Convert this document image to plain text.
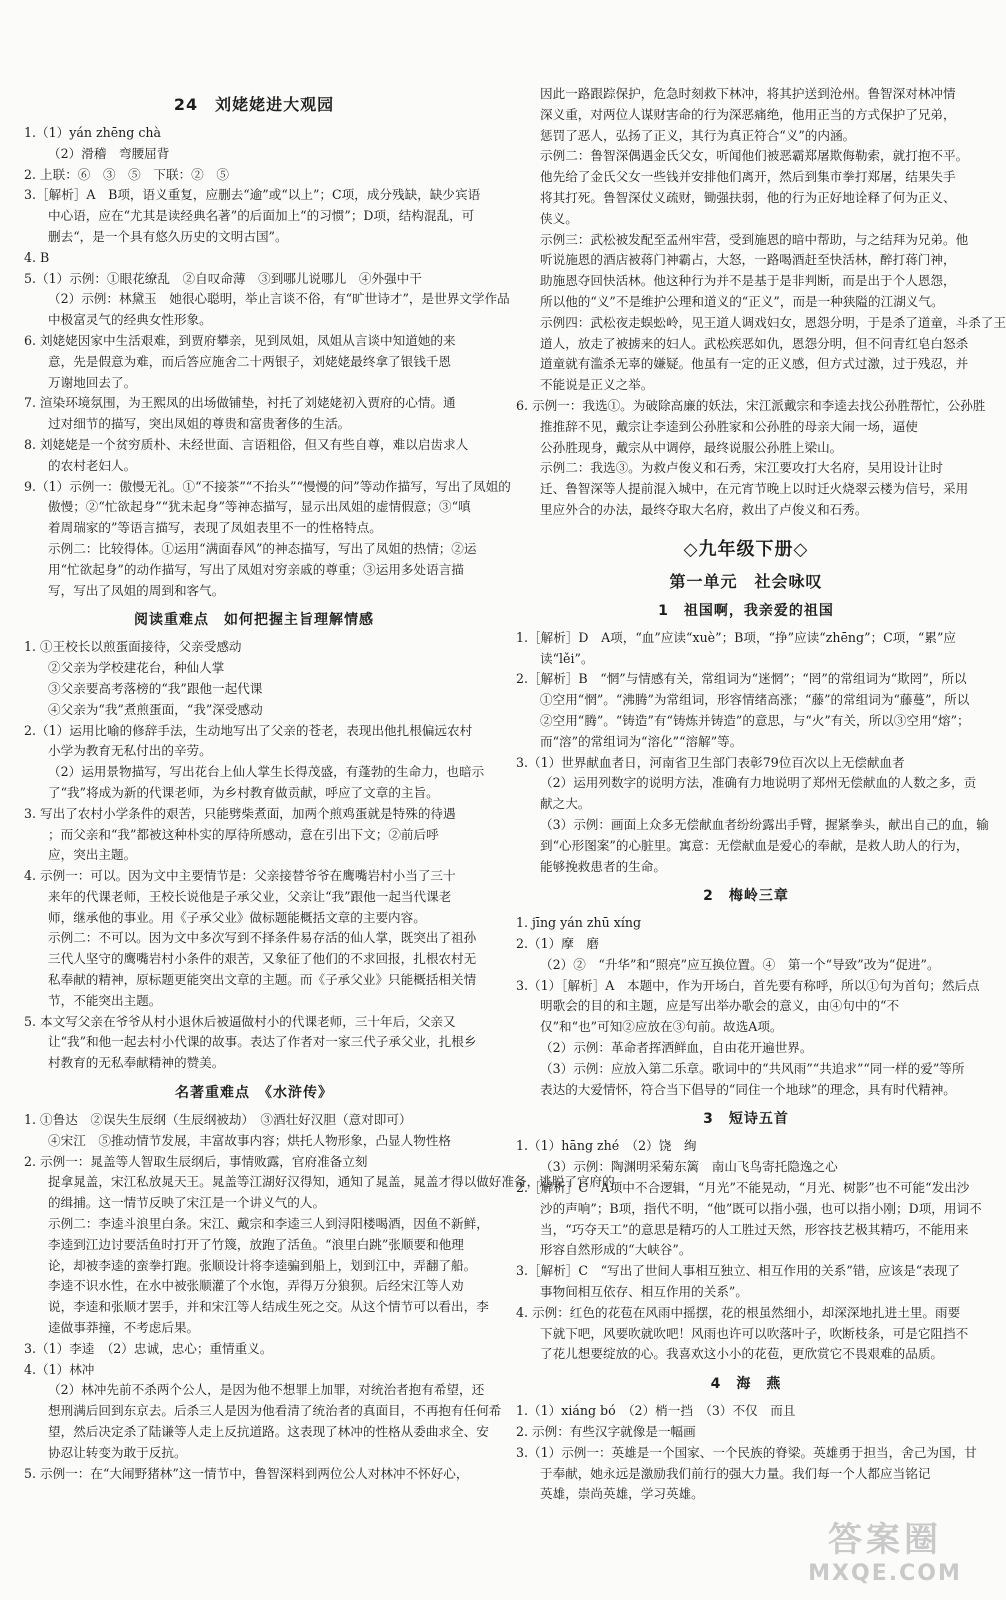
24　刘姥姥进大观园
1.（1）yán zhēng chà
（2）滑稽　弯腰屈背
2. 上联：⑥　③　⑤　下联：②　⑤
3.［解析］A　B项，语义重复，应删去“逾”或“以上”；C项，成分残缺，缺少宾语
中心语，应在“尤其是读经典名著”的后面加上“的习惯”；D项，结构混乱，可
删去“，是一个具有悠久历史的文明古国”。
4. B
5.（1）示例：①眼花缭乱　②自叹命薄　③到哪儿说哪儿　④外强中干
（2）示例：林黛玉　她很心聪明，举止言谈不俗，有“旷世诗才”，是世界文学作品
中极富灵气的经典女性形象。
6. 刘姥姥因家中生活艰难，到贾府攀亲，见到凤姐，凤姐从言谈中知道她的来
意，先是假意为难，而后答应施舍二十两银子，刘姥姥最终拿了银钱千恩
万谢地回去了。
7. 渲染环境氛围，为王熙凤的出场做铺垫，衬托了刘姥姥初入贾府的心情。通
过对细节的描写，突出凤姐的尊贵和富贵奢侈的生活。
8. 刘姥姥是一个贫穷质朴、未经世面、言语粗俗，但又有些自尊，难以启齿求人
的农村老妇人。
9.（1）示例一：傲慢无礼。①“不接茶”“不抬头”“慢慢的问”等动作描写，写出了凤姐的
傲慢；②“忙欲起身”“犹未起身”等神态描写，显示出凤姐的虚情假意；③“嗔
着周瑞家的”等语言描写，表现了凤姐表里不一的性格特点。
示例二：比较得体。①运用“满面春风”的神态描写，写出了凤姐的热情；②运
用“忙欲起身”的动作描写，写出了凤姐对穷亲戚的尊重；③运用多处语言描
写，写出了凤姐的周到和客气。
阅读重难点　如何把握主旨理解情感
1. ①王校长以煎蛋面接待，父亲受感动
②父亲为学校建花台，种仙人掌
③父亲要高考落榜的“我”跟他一起代课
④父亲为“我”煮煎蛋面，“我”深受感动
2.（1）运用比喻的修辞手法，生动地写出了父亲的苍老，表现出他扎根偏远农村
小学为教育无私付出的辛劳。
（2）运用景物描写，写出花台上仙人掌生长得茂盛，有蓬勃的生命力，也暗示
了“我”将成为新的代课老师，为乡村教育做贡献，呼应了文章的主旨。
3. 写出了农村小学条件的艰苦，只能劈柴煮面，加两个煎鸡蛋就是特殊的待遇
；而父亲和“我”都被这种朴实的厚待所感动，意在引出下文；②前后呼
应，突出主题。
4. 示例一：可以。因为文中主要情节是：父亲接替爷爷在鹰嘴岩村小当了三十
来年的代课老师，王校长说他是子承父业，父亲让“我”跟他一起当代课老
师，继承他的事业。用《子承父业》做标题能概括文章的主要内容。
示例二：不可以。因为文中多次写到不择条件易存活的仙人掌，既突出了祖孙
三代人坚守的鹰嘴岩村小条件的艰苦，又象征了他们的不求回报，扎根农村无
私奉献的精神，原标题更能突出文章的主题。而《子承父业》只能概括相关情
节，不能突出主题。
5. 本文写父亲在爷爷从村小退休后被逼做村小的代课老师，三十年后，父亲又
让“我”和他一起去村小代课的故事。表达了作者对一家三代子承父业，扎根乡
村教育的无私奉献精神的赞美。
名著重难点　《水浒传》
1. ①鲁达　②误失生辰纲（生辰纲被劫）　③酒壮好汉胆（意对即可）
④宋江　⑤推动情节发展，丰富故事内容；烘托人物形象，凸显人物性格
2. 示例一：晁盖等人智取生辰纲后，事情败露，官府准备立刻
捉拿晁盖，宋江私放晁天王。晁盖等江湖好汉得知，通知了晁盖，晁盖才得以做好准备，逃脱了官府的
的缉捕。这一情节反映了宋江是一个讲义气的人。
示例二：李逵斗浪里白条。宋江、戴宗和李逵三人到浔阳楼喝酒，因鱼不新鲜，
李逵到江边讨要活鱼时打开了竹篾，放跑了活鱼。“浪里白跳”张顺要和他理
论，却被李逵的蛮拳打跑。张顺设计将李逵骗到船上，划到江中，弄翻了船。
李逵不识水性，在水中被张顺灌了个水饱，弄得万分狼狈。后经宋江等人劝
说，李逵和张顺才罢手，并和宋江等人结成生死之交。从这个情节可以看出，李
逵做事莽撞，不考虑后果。
3.（1）李逵　（2）忠诚，忠心；重情重义。
4.（1）林冲
（2）林冲先前不杀两个公人，是因为他不想罪上加罪，对统治者抱有希望，还
想刑满后回到东京去。后杀三人是因为他看清了统治者的真面目，不再抱有任何希
望，然后决定杀了陆谦等人走上反抗道路。这表现了林冲的性格从委曲求全、安
协忍让转变为敢于反抗。
5. 示例一：在“大闹野猪林”这一情节中，鲁智深料到两位公人对林冲不怀好心，
因此一路跟踪保护，危急时刻救下林冲，将其护送到沧州。鲁智深对林冲情
深义重，对两位人谋财害命的行为深恶痛绝，他用正当的方式保护了兄弟，
惩罚了恶人，弘扬了正义，其行为真正符合“义”的内涵。
示例二：鲁智深偶遇金氏父女，听闻他们被恶霸郑屠欺侮勒索，就打抱不平。
他先给了金氏父女一些钱并安排他们离开，然后到集市拳打郑屠，结果失手
将其打死。鲁智深仗义疏财，锄强扶弱，他的行为正好地诠释了何为正义、
侠义。
示例三：武松被发配至孟州牢营，受到施恩的暗中帮助，与之结拜为兄弟。他
听说施恩的酒店被蒋门神霸占，大怒，一路喝酒赶至快活林，醉打蒋门神，
助施恩夺回快活林。他这种行为并不是基于是非判断，而是出于个人恩怨，
所以他的“义”不是维护公理和道义的“正义”，而是一种狭隘的江湖义气。
示例四：武松夜走蜈蚣岭，见王道人调戏妇女，恩怨分明，于是杀了道童，斗杀了王
道人，放走了被掳来的妇人。武松疾恶如仇，恩怨分明，但不问青红皂白怒杀
道童就有滥杀无辜的嫌疑。他虽有一定的正义感，但方式过激，过于残忍，并
不能说是正义之举。
6. 示例一：我选①。为破除高廉的妖法，宋江派戴宗和李逵去找公孙胜帮忙，公孙胜
推推辞不见，戴宗让李逵到公孙胜家和公孙胜的母亲大闹一场，逼使
公孙胜现身，戴宗从中调停，最终说服公孙胜上梁山。
示例二：我选③。为救卢俊义和石秀，宋江要攻打大名府，吴用设计让时
迁、鲁智深等人提前混入城中，在元宵节晚上以时迁火烧翠云楼为信号，采用
里应外合的办法，最终夺取大名府，救出了卢俊义和石秀。
◇九年级下册◇
第一单元　社会咏叹
1　祖国啊，我亲爱的祖国
1.［解析］D　A项，“血”应读“xuè”；B项，“挣”应读“zhēng”；C项，“累”应
读“lěi”。
2.［解析］B　“惘”与情感有关，常组词为“迷惘”；“罔”的常组词为“欺罔”，所以
①空用“惘”。“沸腾”为常组词，形容情绪高涨；“藤”的常组词为“藤蔓”，所以
②空用“腾”。“铸造”有“铸炼并铸造”的意思，与“火”有关，所以③空用“熔”；
而“溶”的常组词为“溶化”“溶解”等。
3.（1）世界献血者日，河南省卫生部门表彰79位百次以上无偿献血者
（2）运用列数字的说明方法，准确有力地说明了郑州无偿献血的人数之多，贡
献之大。
（3）示例：画面上众多无偿献血者纷纷露出手臂，握紧拳头，献出自己的血，输
到“心形图案”的心脏里。寓意：无偿献血是爱心的奉献，是救人助人的行为，
能够挽救患者的生命。
2　梅岭三章
1. jīng yán zhū xíng
2.（1）摩　磨
（2）②　“升华”和“照亮”应互换位置。④　第一个“导致”改为“促进”。
3.（1）［解析］A　本题中，作为开场白，首先要有称呼，所以①句为首句；然后点
明歌会的目的和主题，应是写出举办歌会的意义，由④句中的“不
仅”和“也”可知②应放在③句前。故选A项。
（2）示例：革命者挥洒鲜血，自由花开遍世界。
（3）示例：应放入第二乐章。歌词中的“共风雨”“共追求”“同一样的爱”等所
表达的大爱情怀，符合当下倡导的“同住一个地球”的理念，具有时代精神。
3　短诗五首
1.（1）hāng zhé　（2）饶　绚
（3）示例：陶渊明采菊东篱　南山飞鸟寄托隐逸之心
2.［解析］C　A项中不合逻辑，“月光”不能晃动，“月光、树影”也不可能“发出沙
沙的声响”；B项，指代不明，“他”既可以指小强，也可以指小刚；D项，用词不
当，“巧夺天工”的意思是精巧的人工胜过天然，形容技艺极其精巧，不能用来
形容自然形成的“大峡谷”。
3.［解析］C　“写出了世间人事相互独立、相互作用的关系”错，应该是“表现了
事物间相互依存、相互作用的关系”。
4. 示例：红色的花苞在风雨中摇摆，花的根虽然细小，却深深地扎进土里。雨要
下就下吧，风要吹就吹吧！风雨也许可以吹落叶子，吹断枝条，可是它阻挡不
了花儿想要绽放的心。我喜欢这小小的花苞，更欣赏它不畏艰难的品质。
4　海　燕
1.（1）xiáng bó　（2）梢一挡　（3）不仅　而且
2. 示例：有些汉字就像是一幅画
3.（1）示例一：英雄是一个国家、一个民族的脊梁。英雄勇于担当，舍己为国，甘
于奉献，她永远是激励我们前行的强大力量。我们每一个人都应当铭记
英雄，崇尚英雄，学习英雄。
答案圈
MXQE.COM
